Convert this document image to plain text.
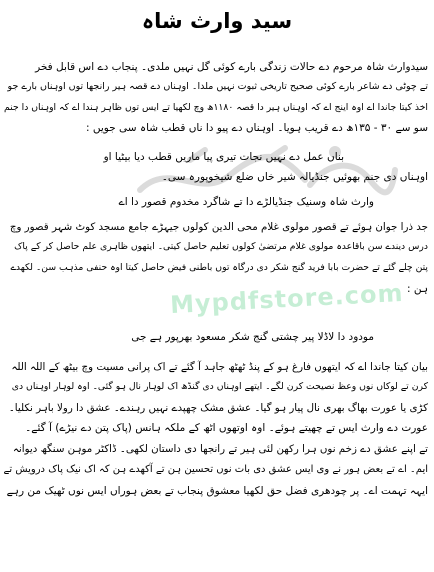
Mypdfstore.com
سید وارث شاہ

سیدوارث شاہ مرحوم دے حالات زندگی بارے کوئی گل نہیں ملدی۔ پنجاب دے اس قابل فخر

تے چوٹی دے شاعر بارے کوئی صحیح تاریخی ثبوت نہیں ملدا۔ اوہناں دے قصہ ہیر رانجھا توں اوہناں بارے جو

اخذ کیتا جاندا اے اوہ اینج اے کہ اوہناں ہیر دا قصہ ۱۱۸۰ھ وچ لکھیا تے ایس توں ظاہر ہندا اے کہ اوہناں دا جنم

سو سے ۳۰ - ۱۳۵ھ دے قریب ہویا۔ اوہناں دے پیو دا ناں قطب شاہ سی جویں :

بناں عمل دے نہیں نجات تیری پیا ماریں قطب دیا بیٹیا او

اوہناں دی جنم بھوئیں جنڈیالہ شیر خاں ضلع شیخوپورہ سی۔

وارث شاہ وسنیک جنڈیالڑے دا تے شاگرد مخدوم قصور دا اے

جد ذرا جوان ہوئے تے قصور مولوی غلام محی الدین کولوں جیہڑے جامع مسجد کوٹ شہر قصور وچ

درس دیندے سن باقاعدہ مولوی غلام مرتضیٰ کولوں تعلیم حاصل کیتی۔ ایتھوں ظاہری علم حاصل کر کے پاک

پتن چلے گئے تے حضرت بابا فرید گنج شکر دی درگاہ توں باطنی فیض حاصل کیتا اوہ حنفی مذہب سن۔ لکھدے

ہن :

مودود دا لاڈلا پیر چشتی گنج شکر مسعود بھرپور ہے جی

بیان کیتا جاندا اے کہ ایتھوں فارغ ہو کے پنڈ ٹھٹھ جاہد آ گئے تے اک پرانی مسیت وچ بیٹھ کے اللہ اللہ

کرن تے لوکاں نوں وعظ نصیحت کرن لگے۔ ایتھے اوہناں دی گنڈھ اک لوہار نال ہو گئی۔ اوہ لوہار اوہناں دی

کڑی یا عورت بھاگ بھری نال پیار ہو گیا۔ عشق مشک چھپدے نہیں رہندے۔ عشق دا رولا باہر نکلیا۔

عورت دے وارث ایس تے چھیتے ہوئے۔ اوہ اوتھوں اٹھ کے ملکہ ہانس (پاک پتن دے نیڑے) آ گئے۔

تے اپنے عشق دے زخم نوں ہرا رکھن لئی ہیر تے رانجھا دی داستان لکھی۔ ڈاکٹر موہن سنگھ دیوانہ

ایم۔ اے تے بعض ہور نے وی ایس عشق دی بات نوں تحسین ہن تے آکھدے ہن کہ اک نیک پاک درویش تے

ایہہ تہمت اے۔ پر چودھری فضل حق لکھیا معشوق پنجاب تے بعض ہوراں ایس نوں ٹھیک من رہے
